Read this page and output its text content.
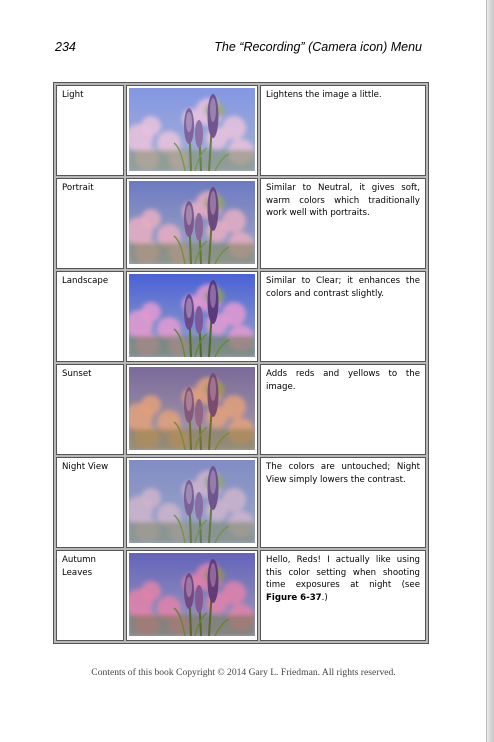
234	The “Recording” (Camera icon) Menu
Light		Lightens the image a little.
Portrait		Similar to Neutral, it gives soft, warm colors which traditionally work well with portraits.
Landscape		Similar to Clear; it enhances the colors and contrast slightly.
Sunset		Adds reds and yellows to the image.
Night View		The colors are untouched; Night View simply lowers the contrast.
Autumn Leaves		Hello, Reds! I actually like using this color setting when shooting time exposures at night (see Figure 6-37.)
Contents of this book Copyright © 2014 Gary L. Friedman. All rights reserved.
